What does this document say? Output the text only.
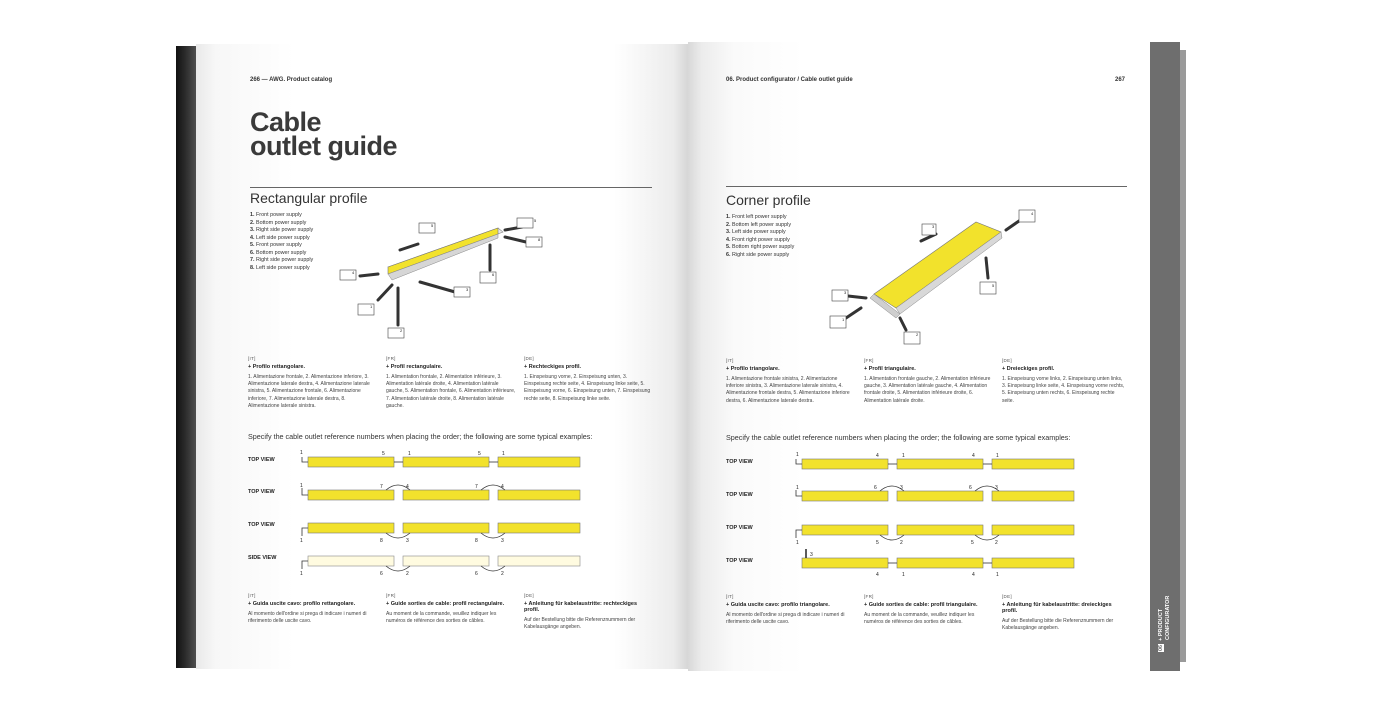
266 — AWG. Product catalog
Cable
outlet guide
Rectangular profile
1. Front power supply
2. Bottom power supply
3. Right side power supply
4. Left side power supply
5. Front power supply
6. Bottom power supply
7. Right side power supply
8. Left side power supply
5
5
8
6
4
3
1
2
[IT]
+ Profilo rettangolare.
1. Alimentazione frontale, 2. Alimentazione inferiore, 3. Alimentazione laterale destra, 4. Alimentazione laterale sinistra, 5. Alimentazione frontale, 6. Alimentazione inferiore, 7. Alimentazione laterale destra, 8. Alimentazione laterale sinistra.
[FR]
+ Profil rectangulaire.
1. Alimentation frontale, 2. Alimentation inférieure, 3. Alimentation latérale droite, 4. Alimentation latérale gauche, 5. Alimentation frontale, 6. Alimentation inférieure, 7. Alimentation latérale droite, 8. Alimentation latérale gauche.
[DE]
+ Rechteckiges profil.
1. Einspeisung vorne, 2. Einspeisung unten, 3. Einspeisung rechte seite, 4. Einspeisung linke seite, 5. Einspeisung vorne, 6. Einspeisung unten, 7. Einspeisung rechte seite, 8. Einspeisung linke seite.
Specify the cable outlet reference numbers when placing the order; the following are some typical examples:
TOP VIEW
TOP VIEW
TOP VIEW
SIDE VIEW
1	5	1	5	1
1	7	4	7	4
1	8	3	8	3
1	6	2	6	2
[IT]
+ Guida uscite cavo: profilo rettangolare.
Al momento dell'ordine si prega di indicare i numeri di riferimento delle uscite cavo.
[FR]
+ Guide sorties de cable: profil rectangulaire.
Au moment de la commande, veuillez indiquer les numéros de référence des sorties de câbles.
[DE]
+ Anleitung für kabelaustritte: rechteckiges profil.
Auf der Bestellung bitte die Referenznummern der Kabelausgänge angeben.
06. Product configurator / Cable outlet guide	267
Corner profile
1. Front left power supply
2. Bottom left power supply
3. Left side power supply
4. Front right power supply
5. Bottom right power supply
6. Right side power supply
3
4
5
3
1
2
[IT]
+ Profilo triangolare.
1. Alimentazione frontale sinistra, 2. Alimentazione inferiore sinistra, 3. Alimentazione laterale sinistra, 4. Alimentazione frontale destra, 5. Alimentazione inferiore destra, 6. Alimentazione laterale destra.
[FR]
+ Profil triangulaire.
1. Alimentation frontale gauche, 2. Alimentation inférieure gauche, 3. Alimentation latérale gauche, 4. Alimentation frontale droite, 5. Alimentation inférieure droite, 6. Alimentation latérale droite.
[DE]
+ Dreieckiges profil.
1. Einspeisung vorne links, 2. Einspeisung unten links, 3. Einspeisung linke seite, 4. Einspeisung vorne rechts, 5. Einspeisung unten rechts, 6. Einspeisung rechte seite.
Specify the cable outlet reference numbers when placing the order; the following are some typical examples:
TOP VIEW
TOP VIEW
TOP VIEW
TOP VIEW
1	4	1	4	1
1	6	3	6	3
1	5	2	5	2
3
4	1	4	1
[IT]
+ Guida uscite cavo: profilo triangolare.
Al momento dell'ordine si prega di indicare i numeri di riferimento delle uscite cavo.
[FR]
+ Guide sorties de cable: profil triangulaire.
Au moment de la commande, veuillez indiquer les numéros de référence des sorties de câbles.
[DE]
+ Anleitung für kabelaustritte: dreieckiges profil.
Auf der Bestellung bitte die Referenznummern der Kabelausgänge angeben.
06+ PRODUCT
CONFIGURATOR
